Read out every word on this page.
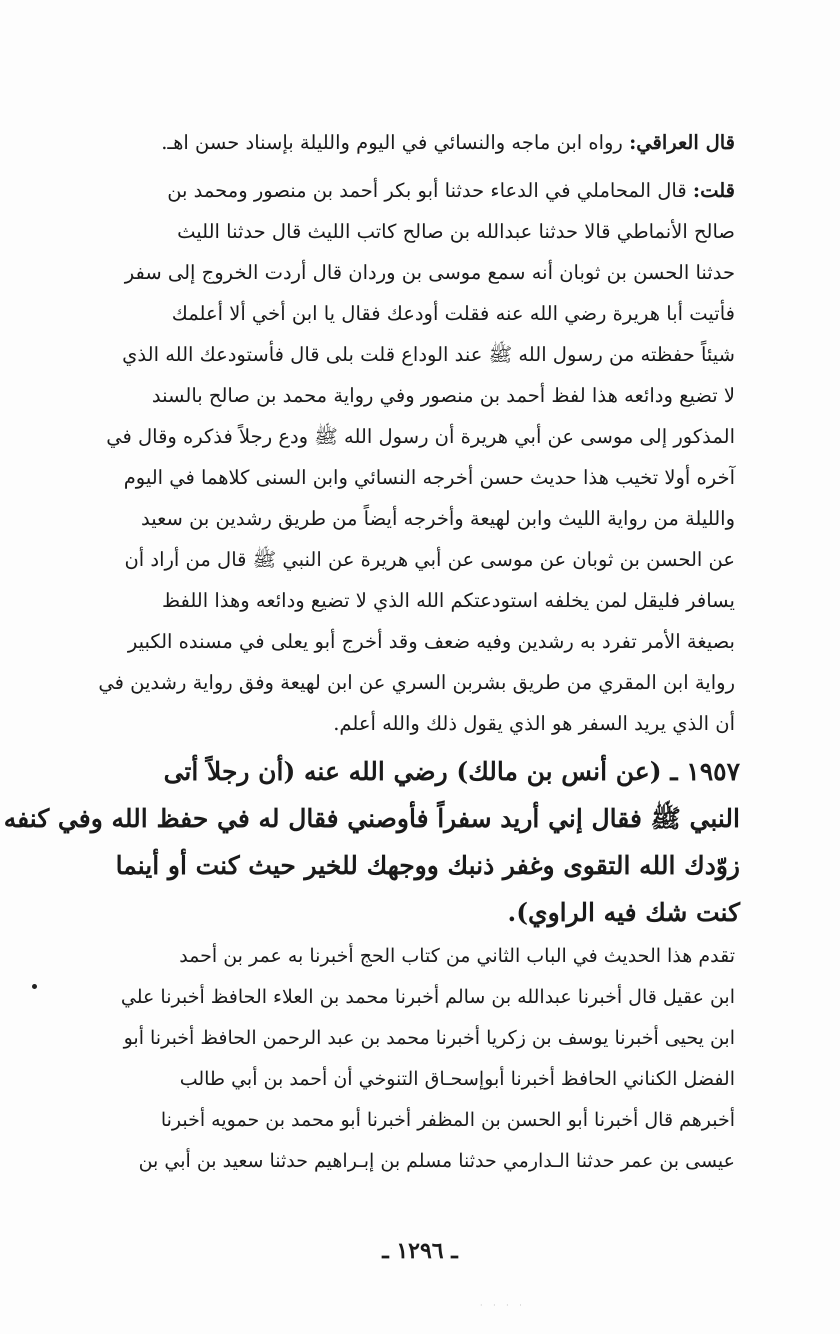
قال العراقي: رواه ابن ماجه والنسائي في اليوم والليلة بإسناد حسن اهـ.
قلت: قال المحاملي في الدعاء حدثنا أبو بكر أحمد بن منصور ومحمد بن
صالح الأنماطي قالا حدثنا عبدالله بن صالح كاتب الليث قال حدثنا الليث
حدثنا الحسن بن ثوبان أنه سمع موسى بن وردان قال أردت الخروج إلى سفر
فأتيت أبا هريرة رضي الله عنه فقلت أودعك فقال يا ابن أخي ألا أعلمك
شيئاً حفظته من رسول الله ﷺ عند الوداع قلت بلى قال فأستودعك الله الذي
لا تضيع ودائعه هذا لفظ أحمد بن منصور وفي رواية محمد بن صالح بالسند
المذكور إلى موسى عن أبي هريرة أن رسول الله ﷺ ودع رجلاً فذكره وقال في
آخره أولا تخيب هذا حديث حسن أخرجه النسائي وابن السنى كلاهما في اليوم
والليلة من رواية الليث وابن لهيعة وأخرجه أيضاً من طريق رشدين بن سعيد
عن الحسن بن ثوبان عن موسى عن أبي هريرة عن النبي ﷺ قال من أراد أن
يسافر فليقل لمن يخلفه استودعتكم الله الذي لا تضيع ودائعه وهذا اللفظ
بصيغة الأمر تفرد به رشدين وفيه ضعف وقد أخرج أبو يعلى في مسنده الكبير
رواية ابن المقري من طريق بشربن السري عن ابن لهيعة وفق رواية رشدين في
أن الذي يريد السفر هو الذي يقول ذلك والله أعلم.
١٩٥٧ ـ (عن أنس بن مالك) رضي الله عنه (أن رجلاً أتى
النبي ﷺ فقال إني أريد سفراً فأوصني فقال له في حفظ الله وفي كنفه
زوّدك الله التقوى وغفر ذنبك ووجهك للخير حيث كنت أو أينما
كنت شك فيه الراوي).
تقدم هذا الحديث في الباب الثاني من كتاب الحج أخبرنا به عمر بن أحمد
ابن عقيل قال أخبرنا عبدالله بن سالم أخبرنا محمد بن العلاء الحافظ أخبرنا علي
ابن يحيى أخبرنا يوسف بن زكريا أخبرنا محمد بن عبد الرحمن الحافظ أخبرنا أبو
الفضل الكناني الحافظ أخبرنا أبوإسحـاق التنوخي أن أحمد بن أبي طالب
أخبرهم قال أخبرنا أبو الحسن بن المظفر أخبرنا أبو محمد بن حمويه أخبرنا
عيسى بن عمر حدثنا الـدارمي حدثنا مسلم بن إبـراهيم حدثنا سعيد بن أبي بن
· · · ·
ـ ١٢٩٦ ـ
